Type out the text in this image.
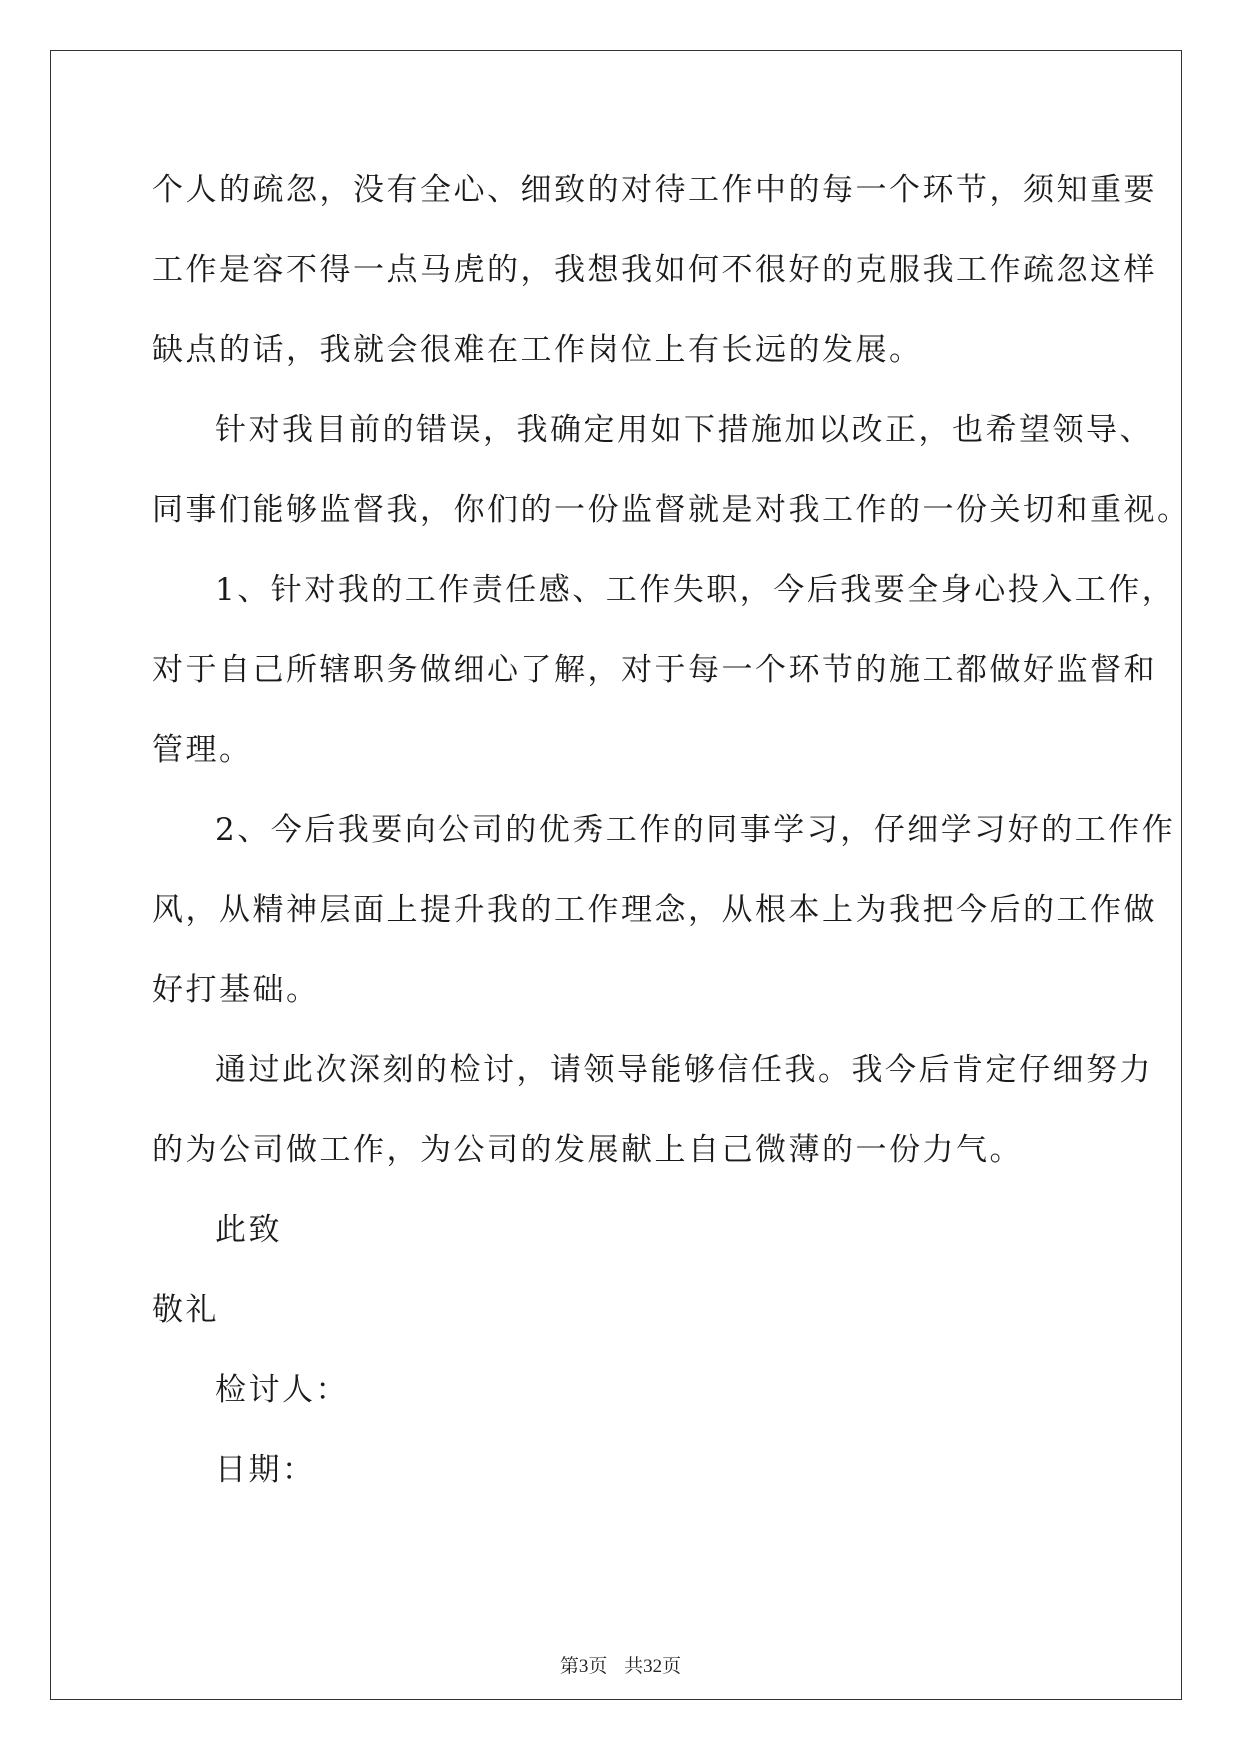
个人的疏忽，没有全心、细致的对待工作中的每一个环节，须知重要
工作是容不得一点马虎的，我想我如何不很好的克服我工作疏忽这样
缺点的话，我就会很难在工作岗位上有长远的发展。
针对我目前的错误，我确定用如下措施加以改正，也希望领导、
同事们能够监督我，你们的一份监督就是对我工作的一份关切和重视。
1、针对我的工作责任感、工作失职，今后我要全身心投入工作，
对于自己所辖职务做细心了解，对于每一个环节的施工都做好监督和
管理。
2、今后我要向公司的优秀工作的同事学习，仔细学习好的工作作
风，从精神层面上提升我的工作理念，从根本上为我把今后的工作做
好打基础。
通过此次深刻的检讨，请领导能够信任我。我今后肯定仔细努力
的为公司做工作，为公司的发展献上自己微薄的一份力气。
此致
敬礼
检讨人：
日期：
第3页 共32页
